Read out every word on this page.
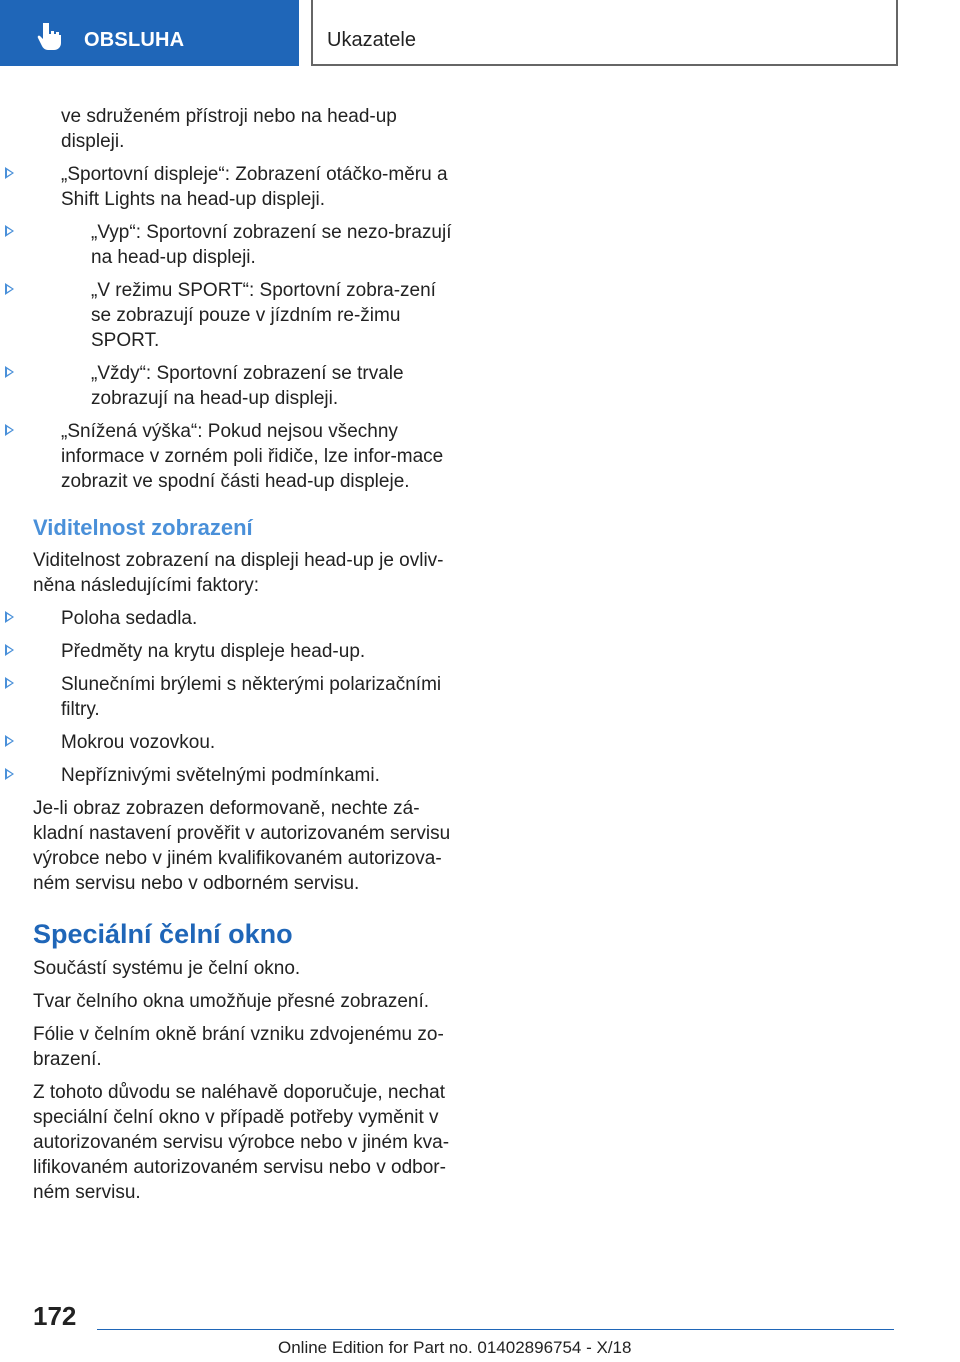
OBSLUHA	Ukazatele
ve sdruženém přístroji nebo na head-up displeji.
„Sportovní displeje“: Zobrazení otáčko-měru a Shift Lights na head-up displeji.
„Vyp“: Sportovní zobrazení se nezo-brazují na head-up displeji.
„V režimu SPORT“: Sportovní zobra-zení se zobrazují pouze v jízdním re-žimu SPORT.
„Vždy“: Sportovní zobrazení se trvale zobrazují na head-up displeji.
„Snížená výška“: Pokud nejsou všechny informace v zorném poli řidiče, lze infor-mace zobrazit ve spodní části head-up displeje.
Viditelnost zobrazení
Viditelnost zobrazení na displeji head-up je ovliv-něna následujícími faktory:
Poloha sedadla.
Předměty na krytu displeje head-up.
Slunečními brýlemi s některými polarizačními filtry.
Mokrou vozovkou.
Nepříznivými světelnými podmínkami.
Je-li obraz zobrazen deformovaně, nechte zá-kladní nastavení prověřit v autorizovaném servisu výrobce nebo v jiném kvalifikovaném autorizova-ném servisu nebo v odborném servisu.
Speciální čelní okno
Součástí systému je čelní okno.
Tvar čelního okna umožňuje přesné zobrazení.
Fólie v čelním okně brání vzniku zdvojenému zo-brazení.
Z tohoto důvodu se naléhavě doporučuje, nechat speciální čelní okno v případě potřeby vyměnit v autorizovaném servisu výrobce nebo v jiném kva-lifikovaném autorizovaném servisu nebo v odbor-ném servisu.
172
Online Edition for Part no. 01402896754 - X/18
